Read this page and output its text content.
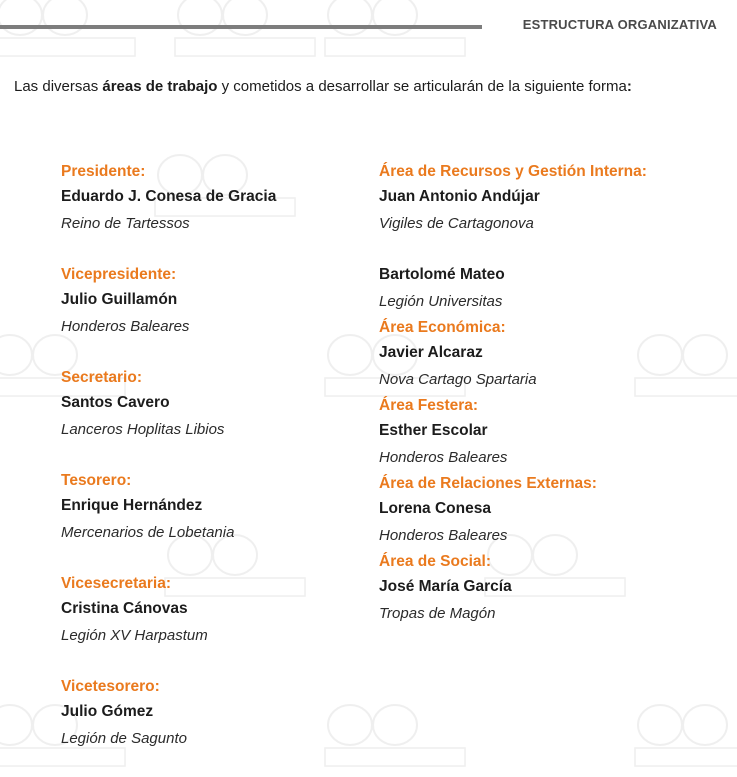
ESTRUCTURA ORGANIZATIVA

Las diversas áreas de trabajo y cometidos a desarrollar se articularán de la siguiente forma:

Presidente:
Eduardo J. Conesa de Gracia
Reino de Tartessos
Vicepresidente:
Julio Guillamón
Honderos Baleares
Secretario:
Santos Cavero
Lanceros Hoplitas Libios
Tesorero:
Enrique Hernández
Mercenarios de Lobetania
Vicesecretaria:
Cristina Cánovas
Legión XV Harpastum
Vicetesorero:
Julio Gómez
Legión de Sagunto
Área de Recursos y Gestión Interna:
Juan Antonio Andújar
Vigiles de Cartagonova
Bartolomé Mateo
Legión Universitas
Área Económica:
Javier Alcaraz
Nova Cartago Spartaria
Área Festera:
Esther Escolar
Honderos Baleares
Área de Relaciones Externas:
Lorena Conesa
Honderos Baleares
Área de Social:
José María García
Tropas de Magón
